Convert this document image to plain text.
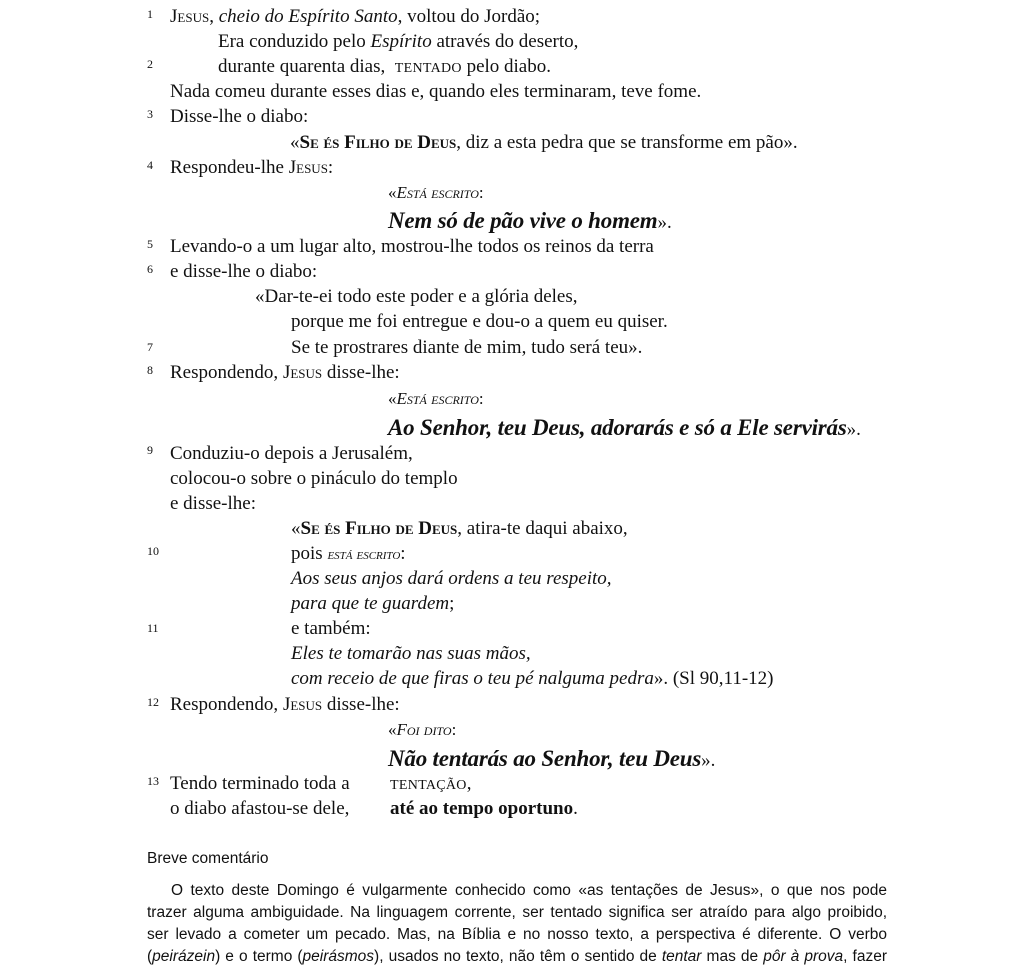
1
2
3
4
5
6
7
8
9
10
11
12
13
Jesus, cheio do Espírito Santo, voltou do Jordão;
Era conduzido pelo Espírito através do deserto,
durante quarenta dias,  TENTADO pelo diabo.
Nada comeu durante esses dias e, quando eles terminaram, teve fome.
Disse-lhe o diabo:
«Se és Filho de Deus, diz a esta pedra que se transforme em pão».
Respondeu-lhe Jesus:
«Está escrito:
Nem só de pão vive o homem».
Levando-o a um lugar alto, mostrou-lhe todos os reinos da terra
e disse-lhe o diabo:
«Dar-te-ei todo este poder e a glória deles,
porque me foi entregue e dou-o a quem eu quiser.
Se te prostrares diante de mim, tudo será teu».
Respondendo, Jesus disse-lhe:
«Está escrito:
Ao Senhor, teu Deus, adorarás e só a Ele servirás».
Conduziu-o depois a Jerusalém,
colocou-o sobre o pináculo do templo
e disse-lhe:
«Se és Filho de Deus, atira-te daqui abaixo,
pois está escrito:
Aos seus anjos dará ordens a teu respeito,
para que te guardem;
e também:
Eles te tomarão nas suas mãos,
com receio de que firas o teu pé nalguma pedra». (Sl 90,11-12)
Respondendo, Jesus disse-lhe:
«Foi dito:
Não tentarás ao Senhor, teu Deus».
Tendo terminado toda a	TENTAÇÃO,
o diabo afastou-se dele, até ao tempo oportuno.
Breve comentário
O texto deste Domingo é vulgarmente conhecido como «as tentações de Jesus», o que nos pode
trazer alguma ambiguidade. Na linguagem corrente, ser tentado significa ser atraído para algo proibido,
ser levado a cometer um pecado. Mas, na Bíblia e no nosso texto, a perspectiva é diferente. O verbo
(peirázein) e o termo (peirásmos), usados no texto, não têm o sentido de tentar mas de pôr à prova, fazer
